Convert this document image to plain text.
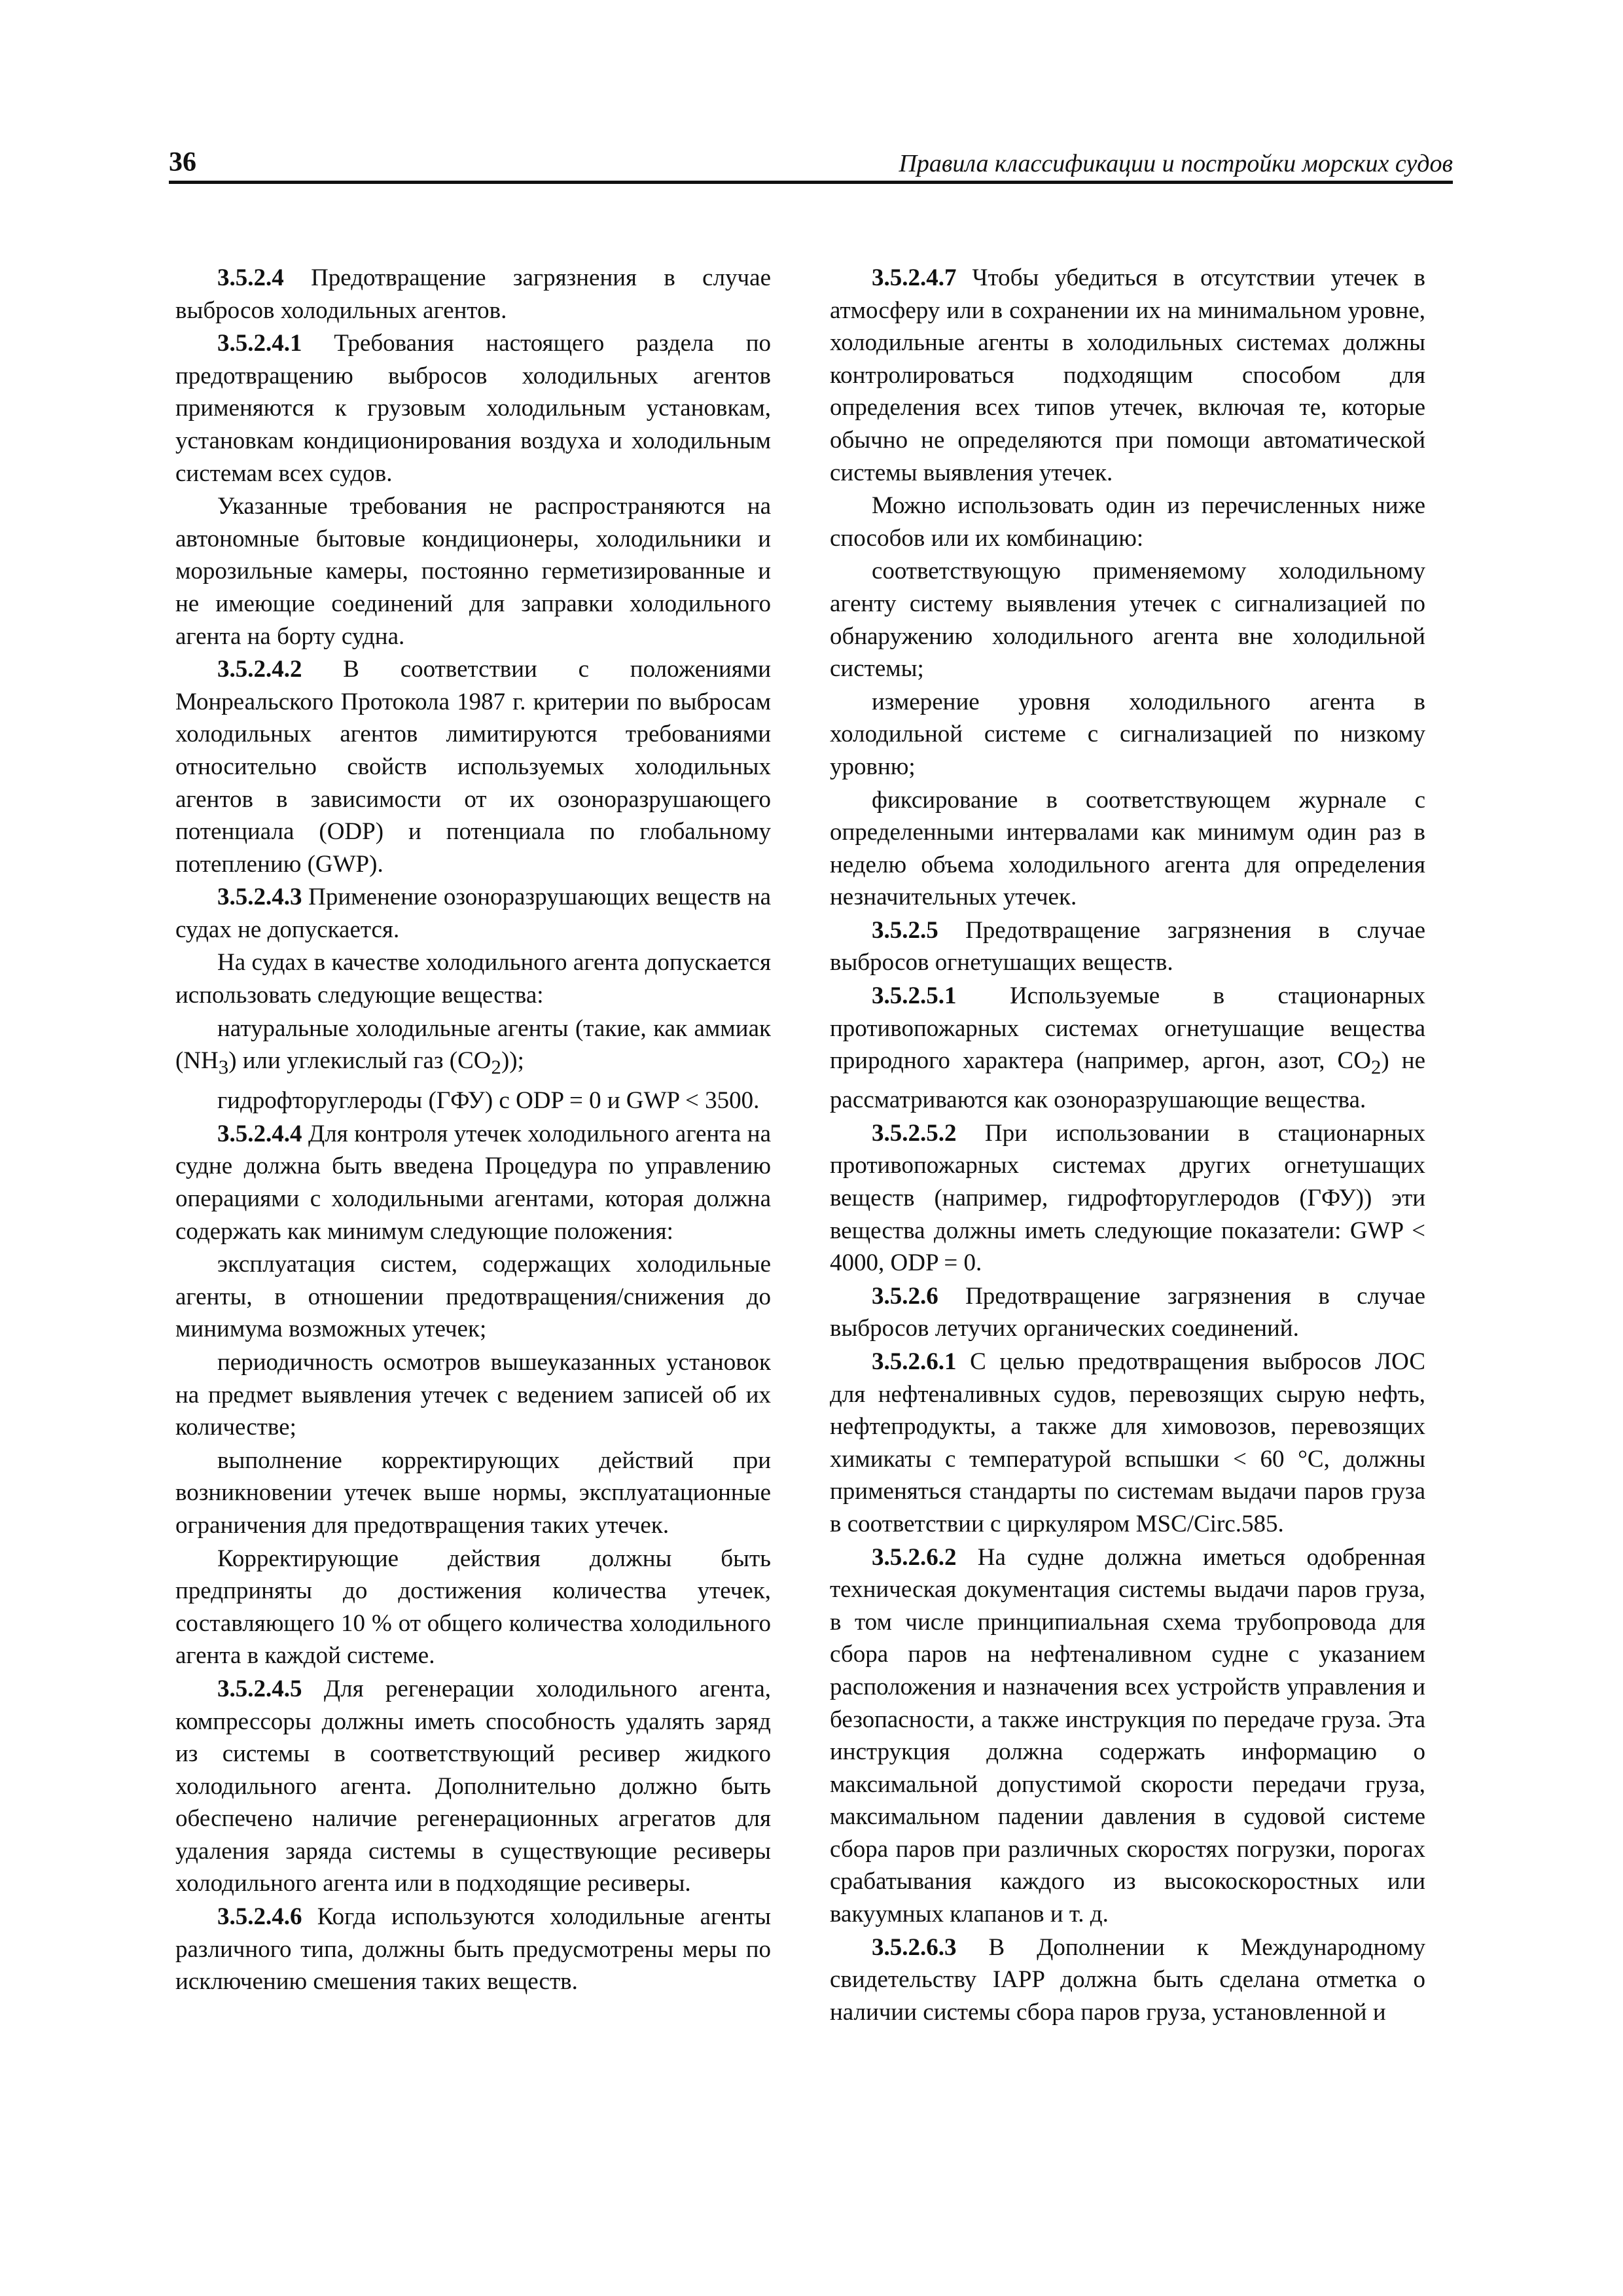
36	Правила классификации и постройки морских судов

3.5.2.4 Предотвращение загрязнения в случае выбросов холодильных агентов.

3.5.2.4.1 Требования настоящего раздела по предотвращению выбросов холодильных агентов применяются к грузовым холодильным установкам, установкам кондиционирования воздуха и холодильным системам всех судов.

Указанные требования не распространяются на автономные бытовые кондиционеры, холодильники и морозильные камеры, постоянно герметизированные и не имеющие соединений для заправки холодильного агента на борту судна.

3.5.2.4.2 В соответствии с положениями Монреальского Протокола 1987 г. критерии по выбросам холодильных агентов лимитируются требованиями относительно свойств используемых холодильных агентов в зависимости от их озоноразрушающего потенциала (ODP) и потенциала по глобальному потеплению (GWP).

3.5.2.4.3 Применение озоноразрушающих веществ на судах не допускается.

На судах в качестве холодильного агента допускается использовать следующие вещества:

натуральные холодильные агенты (такие, как аммиак $(NH_3)$ или углекислый газ $(CO_2)$);

гидрофторуглероды (ГФУ) с ODP = 0 и GWP < 3500.

3.5.2.4.4 Для контроля утечек холодильного агента на судне должна быть введена Процедура по управлению операциями с холодильными агентами, которая должна содержать как минимум следующие положения:

эксплуатация систем, содержащих холодильные агенты, в отношении предотвращения/снижения до минимума возможных утечек;

периодичность осмотров вышеуказанных установок на предмет выявления утечек с ведением записей об их количестве;

выполнение корректирующих действий при возникновении утечек выше нормы, эксплуатационные ограничения для предотвращения таких утечек.

Корректирующие действия должны быть предприняты до достижения количества утечек, составляющего 10 % от общего количества холодильного агента в каждой системе.

3.5.2.4.5 Для регенерации холодильного агента, компрессоры должны иметь способность удалять заряд из системы в соответствующий ресивер жидкого холодильного агента. Дополнительно должно быть обеспечено наличие регенерационных агрегатов для удаления заряда системы в существующие ресиверы холодильного агента или в подходящие ресиверы.

3.5.2.4.6 Когда используются холодильные агенты различного типа, должны быть предусмотрены меры по исключению смешения таких веществ.

3.5.2.4.7 Чтобы убедиться в отсутствии утечек в атмосферу или в сохранении их на минимальном уровне, холодильные агенты в холодильных системах должны контролироваться подходящим способом для определения всех типов утечек, включая те, которые обычно не определяются при помощи автоматической системы выявления утечек.

Можно использовать один из перечисленных ниже способов или их комбинацию:

соответствующую применяемому холодильному агенту систему выявления утечек с сигнализацией по обнаружению холодильного агента вне холодильной системы;

измерение уровня холодильного агента в холодильной системе с сигнализацией по низкому уровню;

фиксирование в соответствующем журнале с определенными интервалами как минимум один раз в неделю объема холодильного агента для определения незначительных утечек.

3.5.2.5 Предотвращение загрязнения в случае выбросов огнетушащих веществ.

3.5.2.5.1 Используемые в стационарных противопожарных системах огнетушащие вещества природного характера (например, аргон, азот, $CO_2$) не рассматриваются как озоноразрушающие вещества.

3.5.2.5.2 При использовании в стационарных противопожарных системах других огнетушащих веществ (например, гидрофторуглеродов (ГФУ)) эти вещества должны иметь следующие показатели: GWP < 4000, ODP = 0.

3.5.2.6 Предотвращение загрязнения в случае выбросов летучих органических соединений.

3.5.2.6.1 С целью предотвращения выбросов ЛОС для нефтеналивных судов, перевозящих сырую нефть, нефтепродукты, а также для химовозов, перевозящих химикаты с температурой вспышки < 60 °C, должны применяться стандарты по системам выдачи паров груза в соответствии с циркуляром MSC/Circ.585.

3.5.2.6.2 На судне должна иметься одобренная техническая документация системы выдачи паров груза, в том числе принципиальная схема трубопровода для сбора паров на нефтеналивном судне с указанием расположения и назначения всех устройств управления и безопасности, а также инструкция по передаче груза. Эта инструкция должна содержать информацию о максимальной допустимой скорости передачи груза, максимальном падении давления в судовой системе сбора паров при различных скоростях погрузки, порогах срабатывания каждого из высокоскоростных или вакуумных клапанов и т. д.

3.5.2.6.3 В Дополнении к Международному свидетельству IAPP должна быть сделана отметка о наличии системы сбора паров груза, установленной и
